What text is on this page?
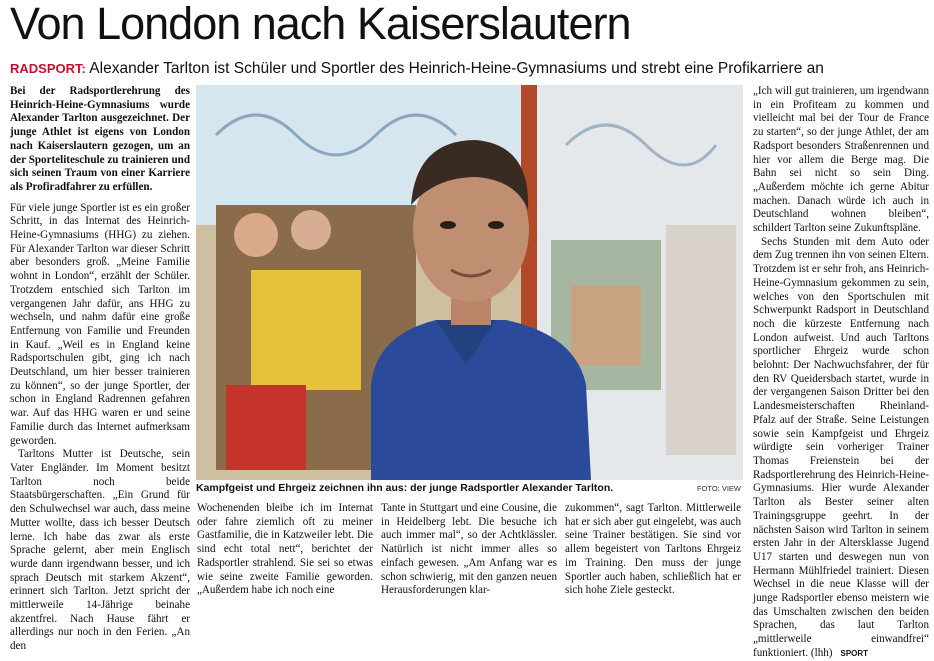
Von London nach Kaiserslautern
RADSPORT: Alexander Tarlton ist Schüler und Sportler des Heinrich-Heine-Gymnasiums und strebt eine Profikarriere an

Bei der Radsportlerehrung des Heinrich-Heine-Gymnasiums wurde Alexander Tarlton ausgezeichnet. Der junge Athlet ist eigens von London nach Kaiserslautern gezogen, um an der Sporteliteschule zu trainieren und sich seinen Traum von einer Karriere als Profiradfahrer zu erfüllen.

Für viele junge Sportler ist es ein großer Schritt, in das Internat des Heinrich-Heine-Gymnasiums (HHG) zu ziehen. Für Alexander Tarlton war dieser Schritt aber besonders groß. „Meine Familie wohnt in London“, erzählt der Schüler. Trotzdem entschied sich Tarlton im vergangenen Jahr dafür, ans HHG zu wechseln, und nahm dafür eine große Entfernung von Familie und Freunden in Kauf. „Weil es in England keine Radsportschulen gibt, ging ich nach Deutschland, um hier besser trainieren zu können“, so der junge Sportler, der schon in England Radrennen gefahren war. Auf das HHG waren er und seine Familie durch das Internet aufmerksam geworden.

Tarltons Mutter ist Deutsche, sein Vater Engländer. Im Moment besitzt Tarlton noch beide Staatsbürgerschaften. „Ein Grund für den Schulwechsel war auch, dass meine Mutter wollte, dass ich besser Deutsch lerne. Ich habe das zwar als erste Sprache gelernt, aber mein Englisch wurde dann irgendwann besser, und ich sprach Deutsch mit starkem Akzent“, erinnert sich Tarlton. Jetzt spricht der mittlerweile 14-Jährige beinahe akzentfrei. Nach Hause fährt er allerdings nur noch in den Ferien. „An den

Kampfgeist und Ehrgeiz zeichnen ihn aus: der junge Radsportler Alexander Tarlton.	FOTO: VIEW
Wochenenden bleibe ich im Internat oder fahre ziemlich oft zu meiner Gastfamilie, die in Katzweiler lebt. Die sind echt total nett“, berichtet der Radsportler strahlend. Sie sei so etwas wie seine zweite Familie geworden. „Außerdem habe ich noch eine
Tante in Stuttgart und eine Cousine, die in Heidelberg lebt. Die besuche ich auch immer mal“, so der Achtklässler. Natürlich ist nicht immer alles so einfach gewesen. „Am Anfang war es schon schwierig, mit den ganzen neuen Herausforderungen klar-
zukommen“, sagt Tarlton. Mittlerweile hat er sich aber gut eingelebt, was auch seine Trainer bestätigen. Sie sind vor allem begeistert von Tarltons Ehrgeiz im Training. Den muss der junge Sportler auch haben, schließlich hat er sich hohe Ziele gesteckt.

„Ich will gut trainieren, um irgendwann in ein Profiteam zu kommen und vielleicht mal bei der Tour de France zu starten“, so der junge Athlet, der am Radsport besonders Straßenrennen und hier vor allem die Berge mag. Die Bahn sei nicht so sein Ding. „Außerdem möchte ich gerne Abitur machen. Danach würde ich auch in Deutschland wohnen bleiben“, schildert Tarlton seine Zukunftspläne.

Sechs Stunden mit dem Auto oder dem Zug trennen ihn von seinen Eltern. Trotzdem ist er sehr froh, ans Heinrich-Heine-Gymnasium gekommen zu sein, welches von den Sportschulen mit Schwerpunkt Radsport in Deutschland noch die kürzeste Entfernung nach London aufweist. Und auch Tarltons sportlicher Ehrgeiz wurde schon belohnt: Der Nachwuchsfahrer, der für den RV Queidersbach startet, wurde in der vergangenen Saison Dritter bei den Landesmeisterschaften Rheinland-Pfalz auf der Straße. Seine Leistungen sowie sein Kampfgeist und Ehrgeiz würdigte sein vorheriger Trainer Thomas Freienstein bei der Radsportlerehrung des Heinrich-Heine-Gymnasiums. Hier wurde Alexander Tarlton als Bester seiner alten Trainingsgruppe geehrt. In der nächsten Saison wird Tarlton in seinem ersten Jahr in der Altersklasse Jugend U17 starten und deswegen nun von Hermann Mühlfriedel trainiert. Diesen Wechsel in die neue Klasse will der junge Radsportler ebenso meistern wie das Umschalten zwischen den beiden Sprachen, das laut Tarlton „mittlerweile einwandfrei“ funktioniert. (lhh) SPORT
